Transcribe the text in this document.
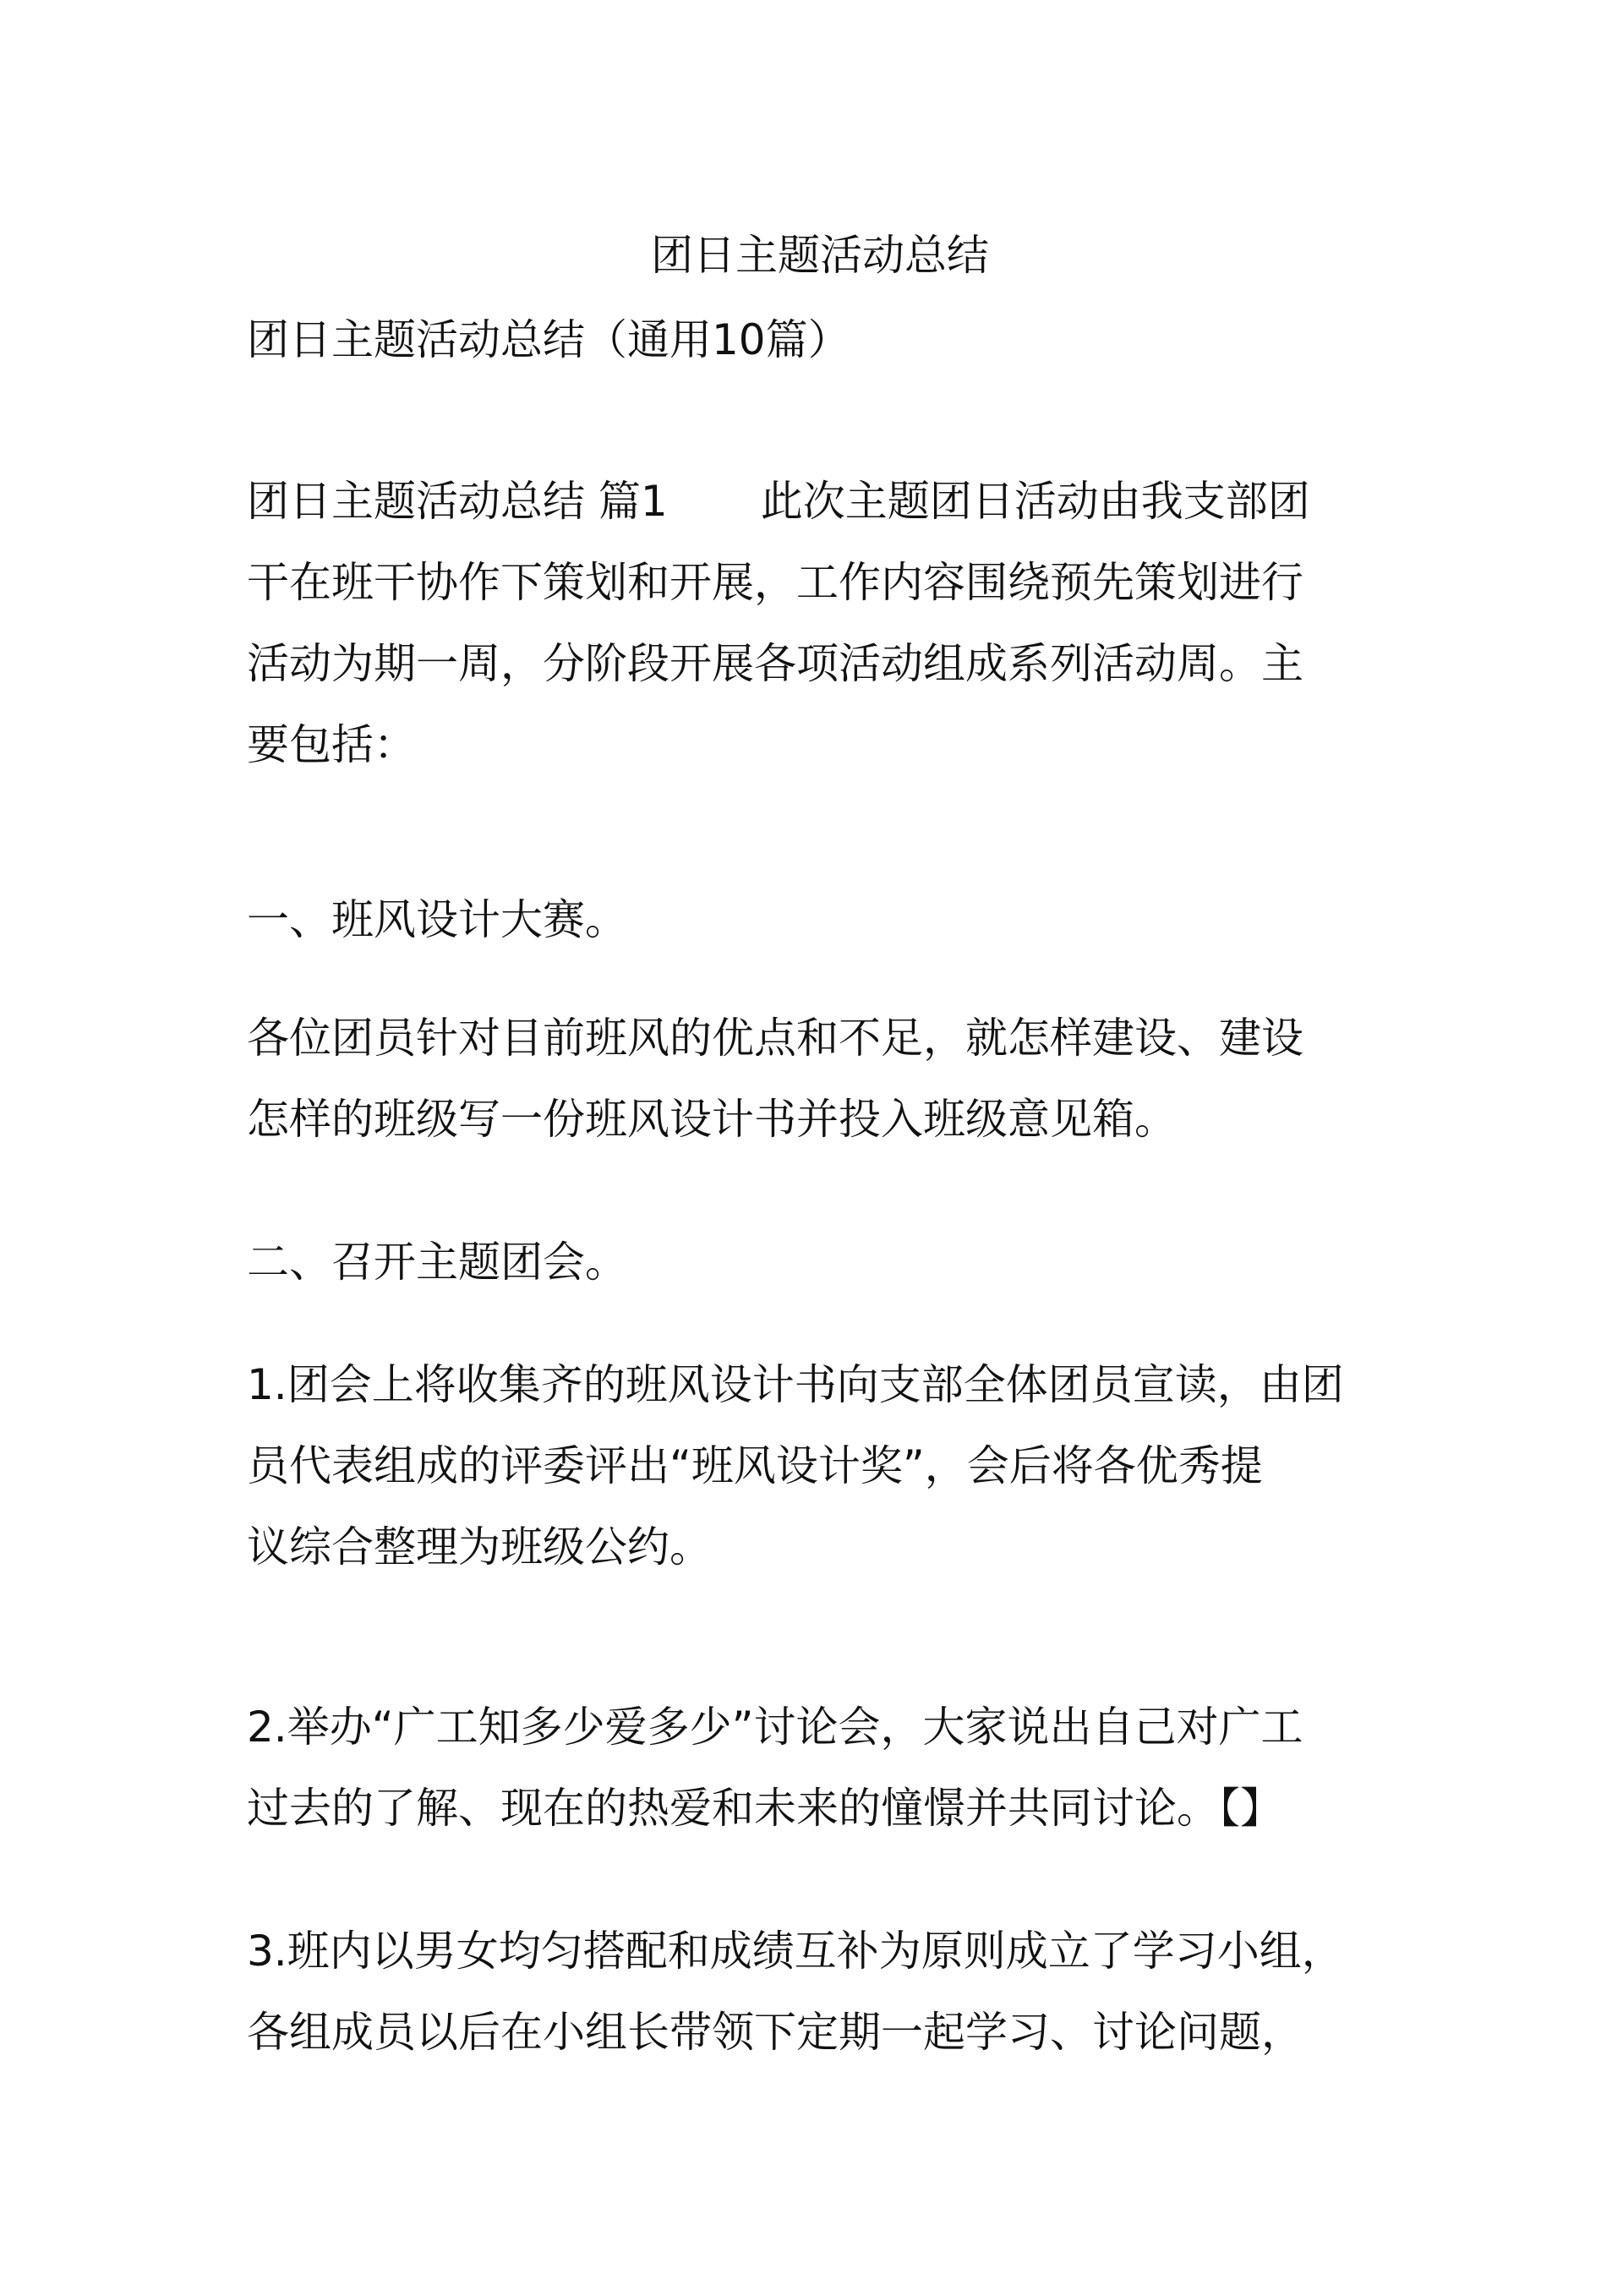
团日主题活动总结
团日主题活动总结（通用10篇）
团日主题活动总结 篇1 此次主题团日活动由我支部团
干在班干协作下策划和开展，工作内容围绕预先策划进行
活动为期一周，分阶段开展各项活动组成系列活动周。主
要包括：
一、班风设计大赛。
各位团员针对目前班风的优点和不足，就怎样建设、建设
怎样的班级写一份班风设计书并投入班级意见箱。
二、召开主题团会。
1.团会上将收集齐的班风设计书向支部全体团员宣读，由团
员代表组成的评委评出“班风设计奖”，会后将各优秀提
议综合整理为班级公约。
2.举办“广工知多少爱多少”讨论会，大家说出自己对广工
过去的了解、现在的热爱和未来的憧憬并共同讨论。【】
3.班内以男女均匀搭配和成绩互补为原则成立了学习小组，
各组成员以后在小组长带领下定期一起学习、讨论问题，
